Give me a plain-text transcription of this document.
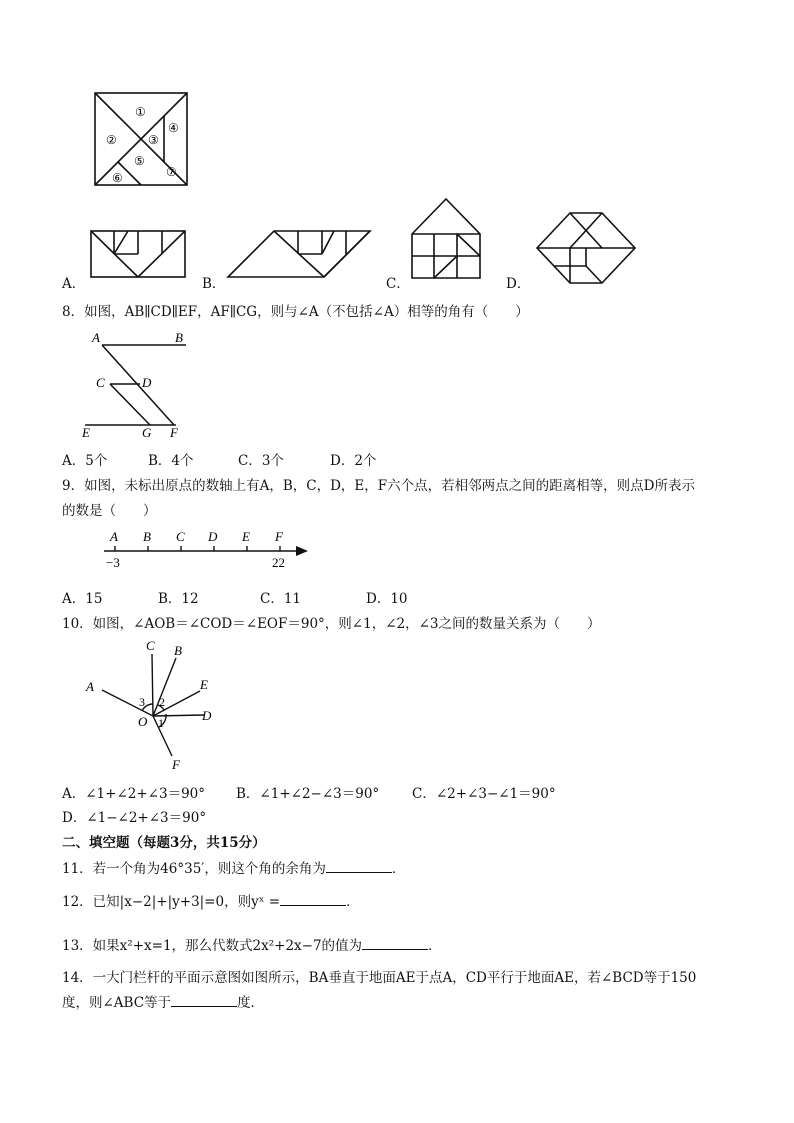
①
②	③
④
⑤
⑥	⑦
A．	B．	C．	D．
8．如图，AB∥CD∥EF，AF∥CG，则与∠A（不包括∠A）相等的角有（　　）
A	B
C	D
E	G F
A．5个	B．4个	C．3个	D．2个
9．如图，未标出原点的数轴上有A，B，C，D，E，F六个点，若相邻两点之间的距离相等，则点D所表示
的数是（　　）
A B C D E F
−3	22
A．15	B．12	C．11	D．10
10．如图，∠AOB＝∠COD＝∠EOF＝90°，则∠1，∠2，∠3之间的数量关系为（　　）
C B
A	E
D
F
O 1
2
3
A．∠1+∠2+∠3＝90° B．∠1+∠2−∠3＝90° C．∠2+∠3−∠1＝90°
D．∠1−∠2+∠3＝90°
二、填空题（每题3分，共15分）
11．若一个角为46°35′，则这个角的余角为	．
12．已知|x−2|+|y+3|=0，则yˣ =	．
13．如果x²+x=1，那么代数式2x²+2x−7的值为	．
14．一大门栏杆的平面示意图如图所示，BA垂直于地面AE于点A，CD平行于地面AE，若∠BCD等于150
度，则∠ABC等于	度．
